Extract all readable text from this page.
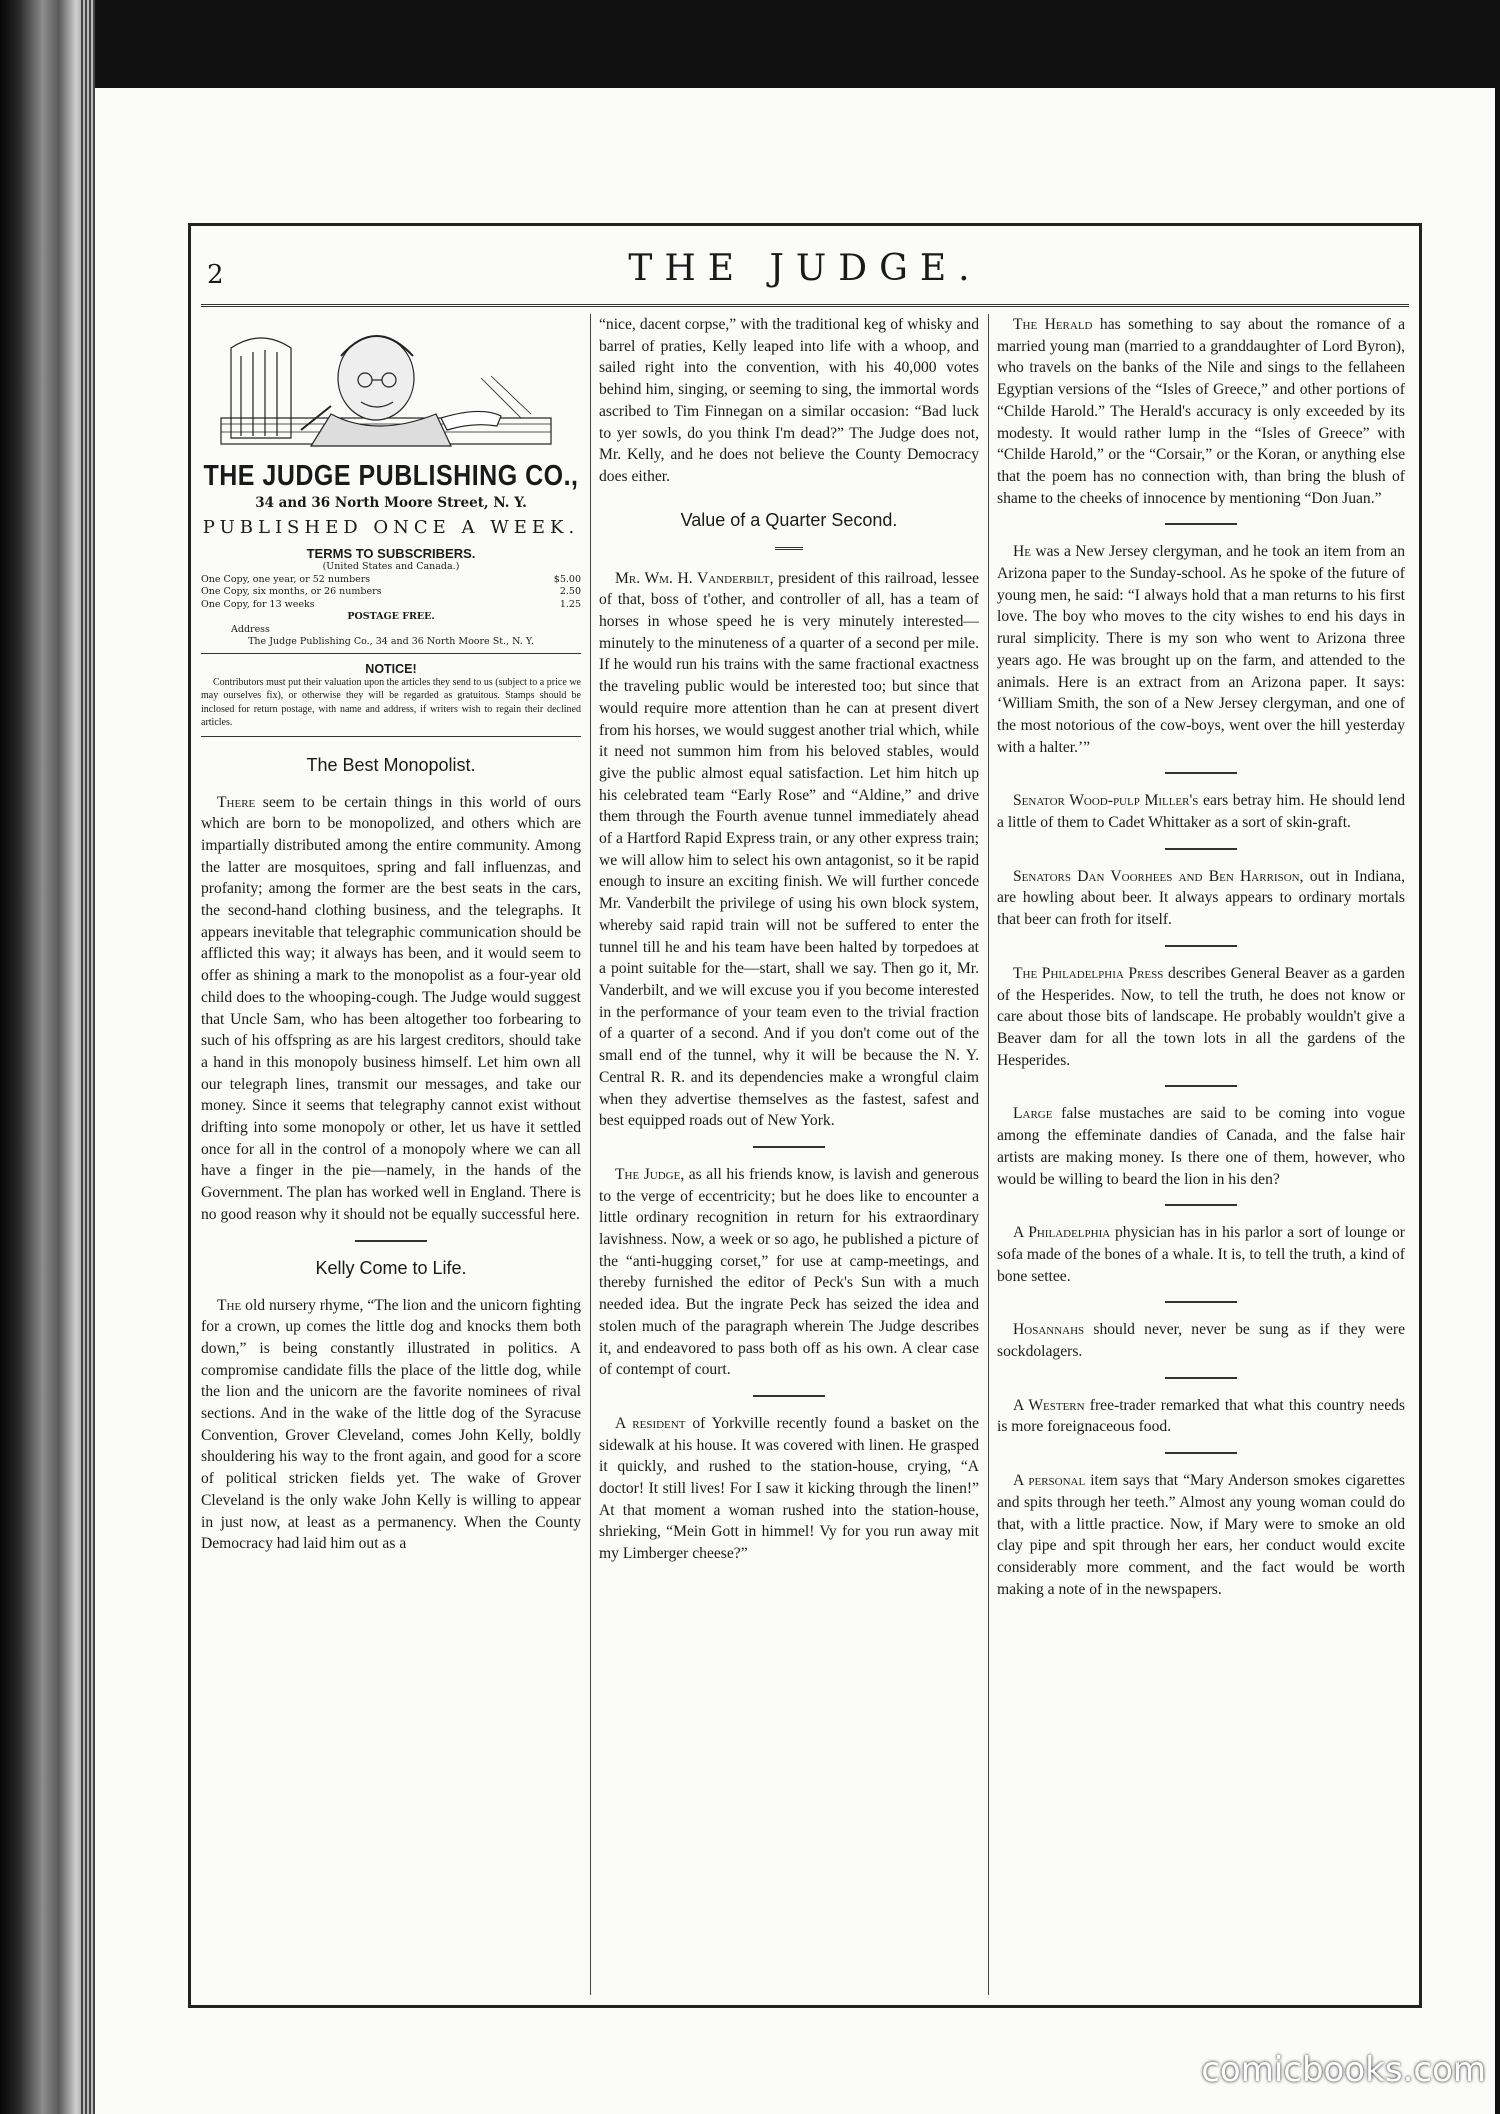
2	THE JUDGE.
THE JUDGE PUBLISHING CO.,
34 and 36 North Moore Street, N. Y.
PUBLISHED ONCE A WEEK.
TERMS TO SUBSCRIBERS.
(United States and Canada.)
One Copy, one year, or 52 numbers	$5.00
One Copy, six months, or 26 numbers	2.50
One Copy, for 13 weeks	1.25
POSTAGE FREE.
Address
The Judge Publishing Co., 34 and 36 North Moore St., N. Y.
NOTICE!

Contributors must put their valuation upon the articles they send to us (subject to a price we may ourselves fix), or otherwise they will be regarded as gratuitous. Stamps should be inclosed for return postage, with name and address, if writers wish to regain their declined articles.

The Best Monopolist.

There seem to be certain things in this world of ours which are born to be monopolized, and others which are impartially distributed among the entire community. Among the latter are mosquitoes, spring and fall influenzas, and profanity; among the former are the best seats in the cars, the second-hand clothing business, and the telegraphs. It appears inevitable that telegraphic communication should be afflicted this way; it always has been, and it would seem to offer as shining a mark to the monopolist as a four-year old child does to the whooping-cough. The Judge would suggest that Uncle Sam, who has been altogether too forbearing to such of his offspring as are his largest creditors, should take a hand in this monopoly business himself. Let him own all our telegraph lines, transmit our messages, and take our money. Since it seems that telegraphy cannot exist without drifting into some monopoly or other, let us have it settled once for all in the control of a monopoly where we can all have a finger in the pie—namely, in the hands of the Government. The plan has worked well in England. There is no good reason why it should not be equally successful here.

Kelly Come to Life.

The old nursery rhyme, “The lion and the unicorn fighting for a crown, up comes the little dog and knocks them both down,” is being constantly illustrated in politics. A compromise candidate fills the place of the little dog, while the lion and the unicorn are the favorite nominees of rival sections. And in the wake of the little dog of the Syracuse Convention, Grover Cleveland, comes John Kelly, boldly shouldering his way to the front again, and good for a score of political stricken fields yet. The wake of Grover Cleveland is the only wake John Kelly is willing to appear in just now, at least as a permanency. When the County Democracy had laid him out as a

“nice, dacent corpse,” with the traditional keg of whisky and barrel of praties, Kelly leaped into life with a whoop, and sailed right into the convention, with his 40,000 votes behind him, singing, or seeming to sing, the immortal words ascribed to Tim Finnegan on a similar occasion: “Bad luck to yer sowls, do you think I'm dead?” The Judge does not, Mr. Kelly, and he does not believe the County Democracy does either.

Value of a Quarter Second.

Mr. Wm. H. Vanderbilt, president of this railroad, lessee of that, boss of t'other, and controller of all, has a team of horses in whose speed he is very minutely interested—minutely to the minuteness of a quarter of a second per mile. If he would run his trains with the same fractional exactness the traveling public would be interested too; but since that would require more attention than he can at present divert from his horses, we would suggest another trial which, while it need not summon him from his beloved stables, would give the public almost equal satisfaction. Let him hitch up his celebrated team “Early Rose” and “Aldine,” and drive them through the Fourth avenue tunnel immediately ahead of a Hartford Rapid Express train, or any other express train; we will allow him to select his own antagonist, so it be rapid enough to insure an exciting finish. We will further concede Mr. Vanderbilt the privilege of using his own block system, whereby said rapid train will not be suffered to enter the tunnel till he and his team have been halted by torpedoes at a point suitable for the—start, shall we say. Then go it, Mr. Vanderbilt, and we will excuse you if you become interested in the performance of your team even to the trivial fraction of a quarter of a second. And if you don't come out of the small end of the tunnel, why it will be because the N. Y. Central R. R. and its dependencies make a wrongful claim when they advertise themselves as the fastest, safest and best equipped roads out of New York.

The Judge, as all his friends know, is lavish and generous to the verge of eccentricity; but he does like to encounter a little ordinary recognition in return for his extraordinary lavishness. Now, a week or so ago, he published a picture of the “anti-hugging corset,” for use at camp-meetings, and thereby furnished the editor of Peck's Sun with a much needed idea. But the ingrate Peck has seized the idea and stolen much of the paragraph wherein The Judge describes it, and endeavored to pass both off as his own. A clear case of contempt of court.

A resident of Yorkville recently found a basket on the sidewalk at his house. It was covered with linen. He grasped it quickly, and rushed to the station-house, crying, “A doctor! It still lives! For I saw it kicking through the linen!” At that moment a woman rushed into the station-house, shrieking, “Mein Gott in himmel! Vy for you run away mit my Limberger cheese?”

The Herald has something to say about the romance of a married young man (married to a granddaughter of Lord Byron), who travels on the banks of the Nile and sings to the fellaheen Egyptian versions of the “Isles of Greece,” and other portions of “Childe Harold.” The Herald's accuracy is only exceeded by its modesty. It would rather lump in the “Isles of Greece” with “Childe Harold,” or the “Corsair,” or the Koran, or anything else that the poem has no connection with, than bring the blush of shame to the cheeks of innocence by mentioning “Don Juan.”

He was a New Jersey clergyman, and he took an item from an Arizona paper to the Sunday-school. As he spoke of the future of young men, he said: “I always hold that a man returns to his first love. The boy who moves to the city wishes to end his days in rural simplicity. There is my son who went to Arizona three years ago. He was brought up on the farm, and attended to the animals. Here is an extract from an Arizona paper. It says: ‘William Smith, the son of a New Jersey clergyman, and one of the most notorious of the cow-boys, went over the hill yesterday with a halter.’”

Senator Wood-pulp Miller's ears betray him. He should lend a little of them to Cadet Whittaker as a sort of skin-graft.

Senators Dan Voorhees and Ben Harrison, out in Indiana, are howling about beer. It always appears to ordinary mortals that beer can froth for itself.

The Philadelphia Press describes General Beaver as a garden of the Hesperides. Now, to tell the truth, he does not know or care about those bits of landscape. He probably wouldn't give a Beaver dam for all the town lots in all the gardens of the Hesperides.

Large false mustaches are said to be coming into vogue among the effeminate dandies of Canada, and the false hair artists are making money. Is there one of them, however, who would be willing to beard the lion in his den?

A Philadelphia physician has in his parlor a sort of lounge or sofa made of the bones of a whale. It is, to tell the truth, a kind of bone settee.

Hosannahs should never, never be sung as if they were sockdolagers.

A Western free-trader remarked that what this country needs is more foreignaceous food.

A personal item says that “Mary Anderson smokes cigarettes and spits through her teeth.” Almost any young woman could do that, with a little practice. Now, if Mary were to smoke an old clay pipe and spit through her ears, her conduct would excite considerably more comment, and the fact would be worth making a note of in the newspapers.

comicbooks.com
